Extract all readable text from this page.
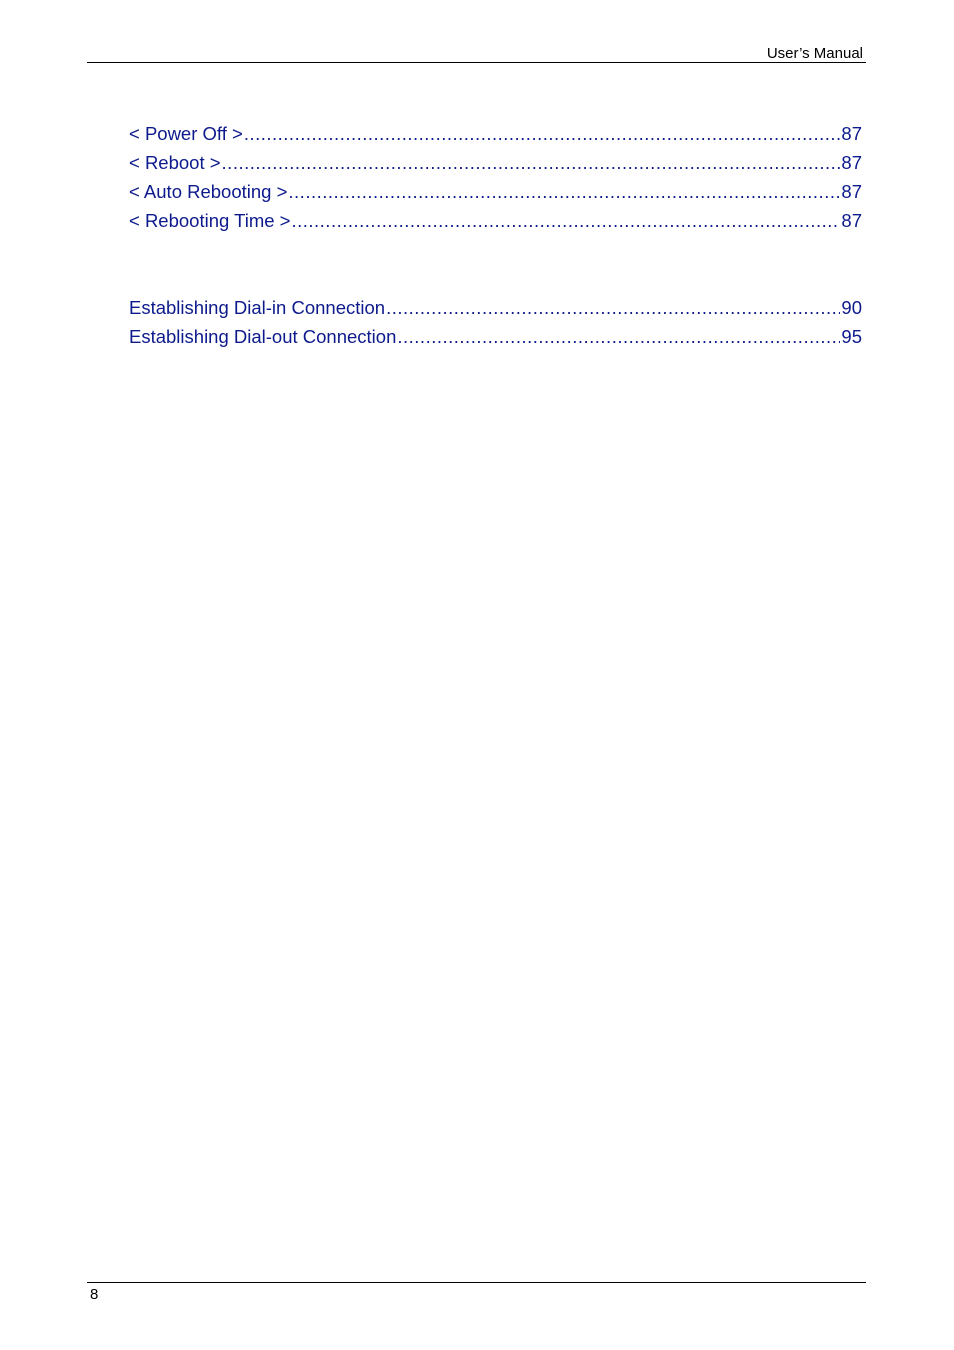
User’s Manual
< Power Off > .....	87
< Reboot > .....	87
< Auto Rebooting > .....	87
< Rebooting Time > .....	87
Establishing Dial-in Connection .....	90
Establishing Dial-out Connection .....	95
8
